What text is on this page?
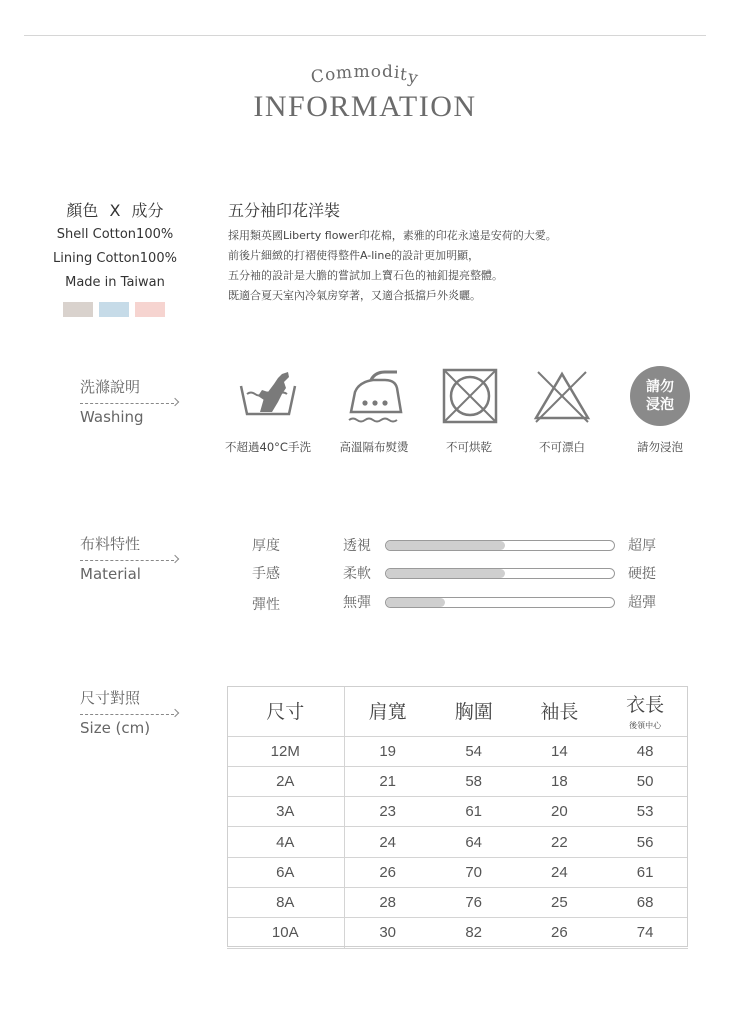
Commodity
INFORMATION
顏色 X 成分
Shell Cotton100%
Lining Cotton100%
Made in Taiwan
五分袖印花洋裝
採用類英國Liberty flower印花棉，素雅的印花永遠是安荷的大愛。
前後片細緻的打褶使得整件A-line的設計更加明顯，
五分袖的設計是大膽的嘗試加上寶石色的袖釦提亮整體。
既適合夏天室內冷氣房穿著，又適合抵擋戶外炎曬。
洗滌說明
Washing
請勿
浸泡
不超過40°C手洗	高溫隔布熨燙	不可烘乾	不可漂白	請勿浸泡
布料特性
Material
厚度	透視	超厚
手感	柔軟	硬挺
彈性	無彈	超彈
尺寸對照
Size (cm)
尺寸	肩寬	胸圍	袖長	衣長
後領中心

12M	19	54	14	48
2A	21	58	18	50
3A	23	61	20	53
4A	24	64	22	56
6A	26	70	24	61
8A	28	76	25	68
10A	30	82	26	74
